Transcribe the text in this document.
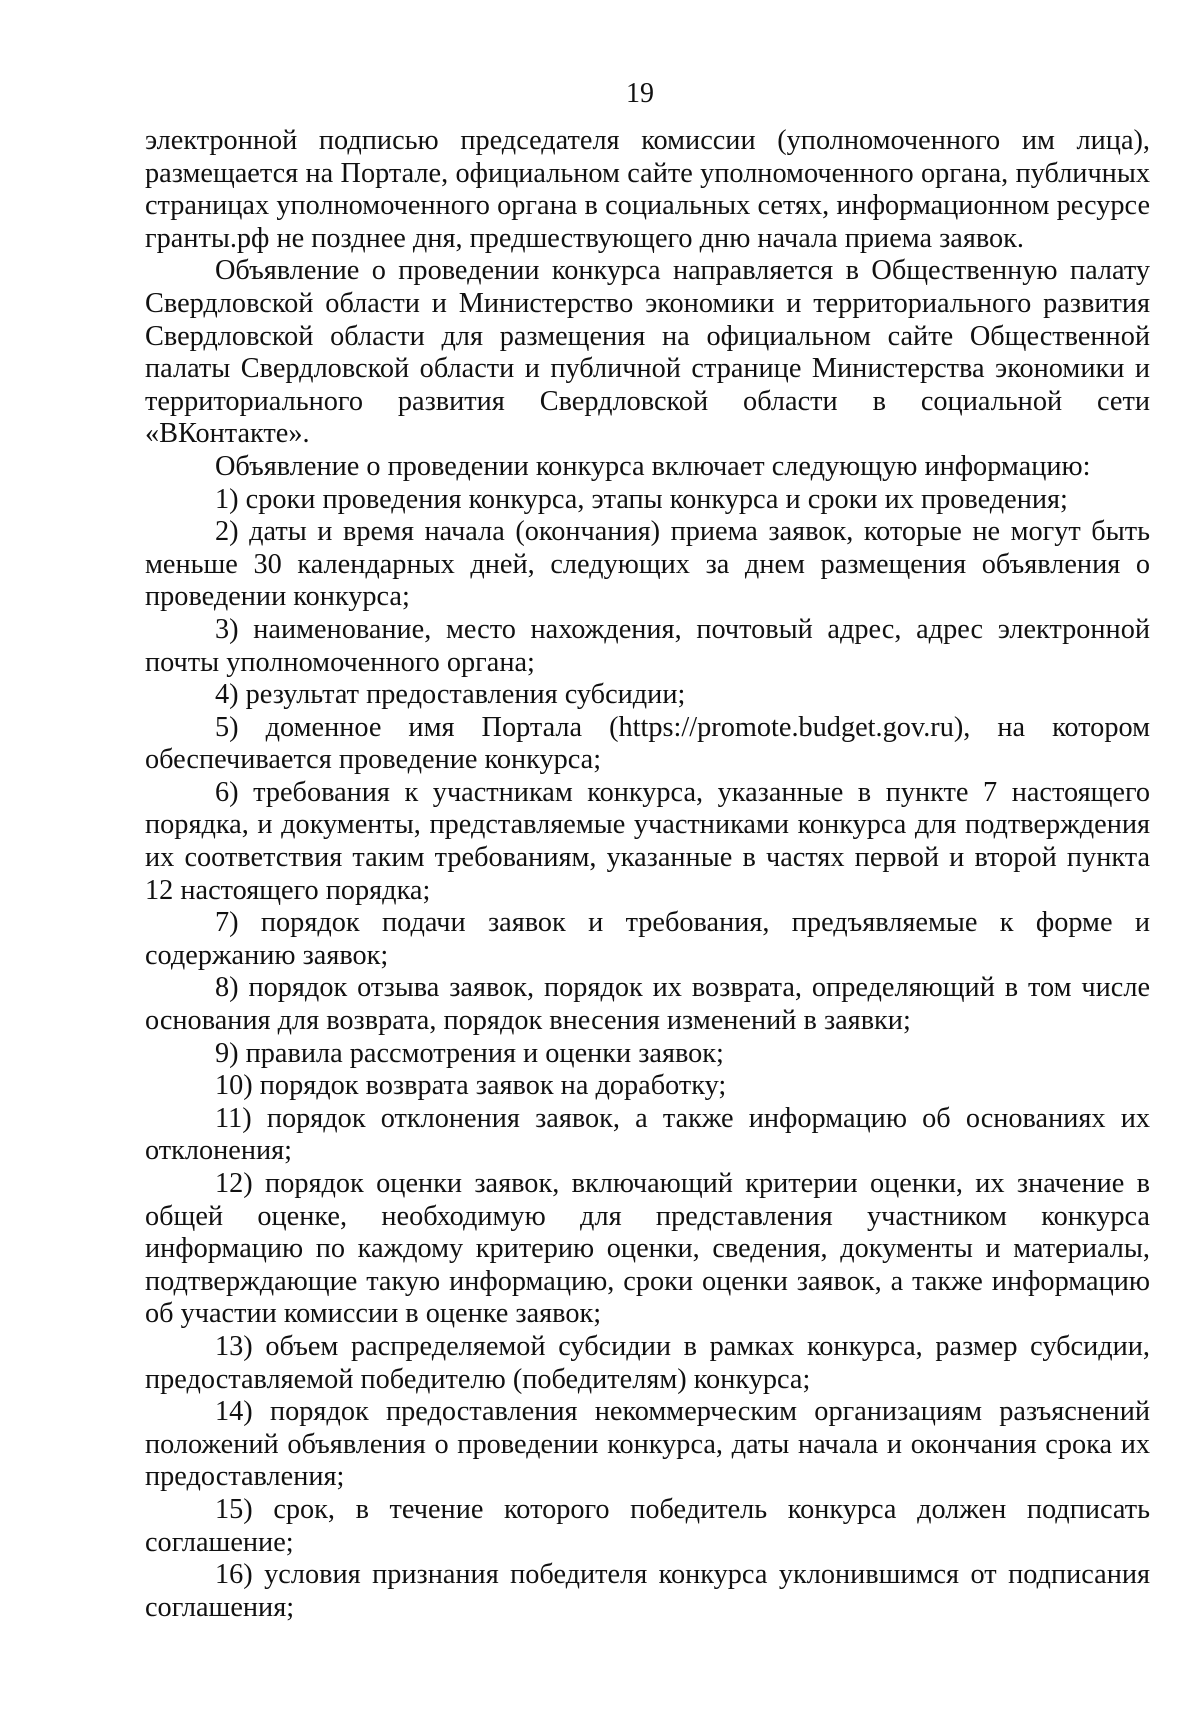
19

электронной подписью председателя комиссии (уполномоченного им лица), размещается на Портале, официальном сайте уполномоченного органа, публичных страницах уполномоченного органа в социальных сетях, информационном ресурсе гранты.рф не позднее дня, предшествующего дню начала приема заявок.

Объявление о проведении конкурса направляется в Общественную палату Свердловской области и Министерство экономики и территориального развития Свердловской области для размещения на официальном сайте Общественной палаты Свердловской области и публичной странице Министерства экономики и территориального развития Свердловской области в социальной сети «ВКонтакте».

Объявление о проведении конкурса включает следующую информацию:

1) сроки проведения конкурса, этапы конкурса и сроки их проведения;

2) даты и время начала (окончания) приема заявок, которые не могут быть меньше 30 календарных дней, следующих за днем размещения объявления о проведении конкурса;

3) наименование, место нахождения, почтовый адрес, адрес электронной почты уполномоченного органа;

4) результат предоставления субсидии;

5) доменное имя Портала (https://promote.budget.gov.ru), на котором обеспечивается проведение конкурса;

6) требования к участникам конкурса, указанные в пункте 7 настоящего порядка, и документы, представляемые участниками конкурса для подтверждения их соответствия таким требованиям, указанные в частях первой и второй пункта 12 настоящего порядка;

7) порядок подачи заявок и требования, предъявляемые к форме и содержанию заявок;

8) порядок отзыва заявок, порядок их возврата, определяющий в том числе основания для возврата, порядок внесения изменений в заявки;

9) правила рассмотрения и оценки заявок;

10) порядок возврата заявок на доработку;

11) порядок отклонения заявок, а также информацию об основаниях их отклонения;

12) порядок оценки заявок, включающий критерии оценки, их значение в общей оценке, необходимую для представления участником конкурса информацию по каждому критерию оценки, сведения, документы и материалы, подтверждающие такую информацию, сроки оценки заявок, а также информацию об участии комиссии в оценке заявок;

13) объем распределяемой субсидии в рамках конкурса, размер субсидии, предоставляемой победителю (победителям) конкурса;

14) порядок предоставления некоммерческим организациям разъяснений положений объявления о проведении конкурса, даты начала и окончания срока их предоставления;

15) срок, в течение которого победитель конкурса должен подписать соглашение;

16) условия признания победителя конкурса уклонившимся от подписания соглашения;
